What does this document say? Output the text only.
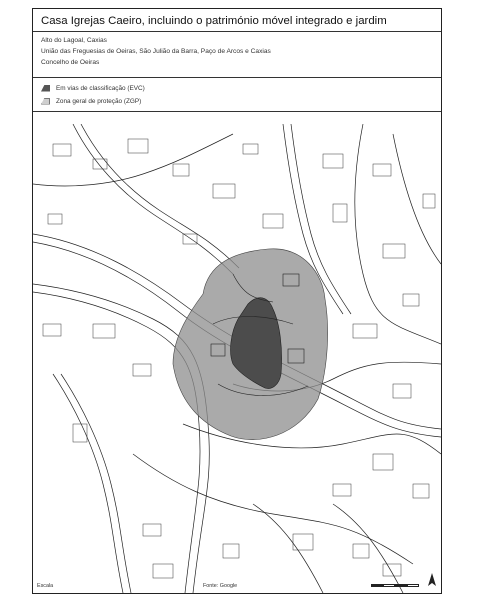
Casa Igrejas Caeiro, incluindo o património móvel integrado e jardim
Alto do Lagoal, Caxias
União das Freguesias de Oeiras, São Julião da Barra, Paço de Arcos e Caxias
Concelho de Oeiras
Em vias de classificação (EVC)
Zona geral de proteção (ZGP)
Escala	Fonte: Google
